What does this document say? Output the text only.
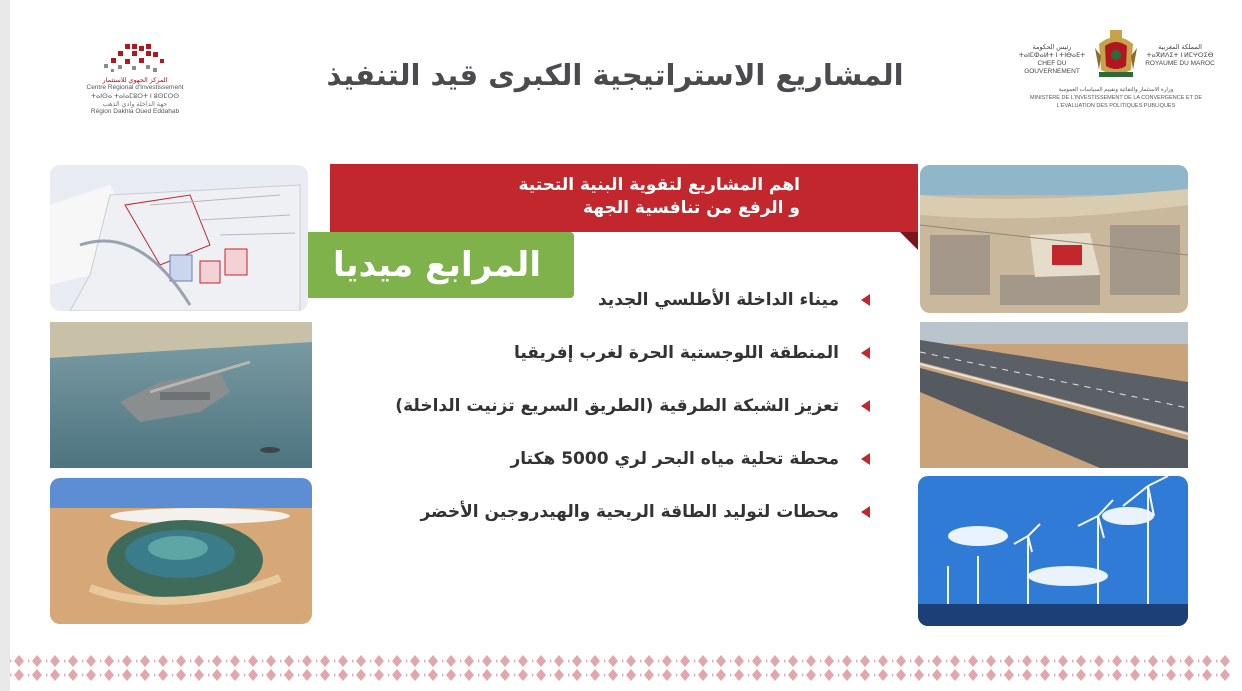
المركز الجهوي للاستثمار
Centre Régional d'Investissement
ⵜⴰⵏⵙⴰ ⵜⴰⵏⴰⵎⵓⵔⵜ ⵏ ⵓⵙⵎⵔⵙ
جهة الداخلة وادي الذهب
Région Dakhla Oued Eddahab
رئيس الحكومة
ⵜⴰⵏⵎⵀⴰⵍⵜ ⵏ ⵜⵏⴱⴰⴹⵜ
CHEF DU GOUVERNEMENT
المملكة المغربية
ⵜⴰⴳⵍⴷⵉⵜ ⵏ ⵍⵎⵖⵔⵉⴱ
ROYAUME DU MAROC
وزارة الاستثمار والتقائية وتقييم السياسات العمومية
MINISTÈRE DE L'INVESTISSEMENT DE LA CONVERGENCE ET DE L'ÉVALUATION DES POLITIQUES PUBLIQUES
المشاريع الاستراتيجية الكبرى قيد التنفيذ
اهم المشاريع لتقوية البنية التحتية
و الرفع من تنافسية الجهة
المرابع ميديا
ميناء الداخلة الأطلسي الجديد
المنطقة اللوجستية الحرة لغرب إفريقيا
تعزيز الشبكة الطرقية (الطريق السريع تزنيت الداخلة)
محطة تحلية مياه البحر لري 5000 هكتار
محطات لتوليد الطاقة الريحية والهيدروجين الأخضر
